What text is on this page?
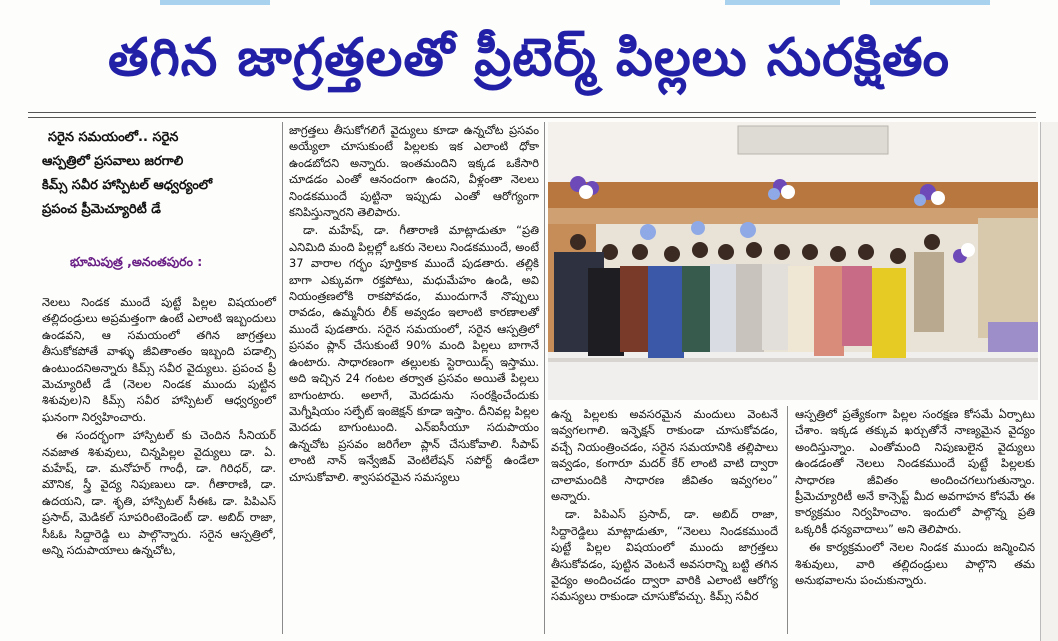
తగిన జాగ్రత్తలతో ప్రీటెర్మ్ పిల్లలు సురక్షితం
సరైన సమయంలో.. సరైన
ఆస్పత్రిలో ప్రసవాలు జరగాలి
కిమ్స్ సవీర హాస్పిటల్ ఆధ్వర్యంలో
ప్రపంచ ప్రీమెచ్యూరిటీ డే
భూమిపుత్ర ,అనంతపురం :

నెలలు నిండక ముందే పుట్టే పిల్లల విషయంలో తల్లిదండ్రులు అప్రమత్తంగా ఉంటే ఎలాంటి ఇబ్బందులు ఉండవని, ఆ సమయంలో తగిన జాగ్రత్తలు తీసుకోకపోతే వాళ్ళు జీవితాంతం ఇబ్బంది పడాల్సి ఉంటుందనిఅన్నారు కిమ్స్ సవీర వైద్యులు. ప్రపంచ ప్రీ మెచ్యూరిటీ డే (నెలల నిండక ముందు పుట్టిన శిశువుల)ని కిమ్స్ సవీర హాస్పిటల్ ఆధ్వర్యంలో ఘనంగా నిర్వహించారు.

ఈ సందర్భంగా హాస్పిటల్ కు చెందిన సీనియర్ నవజాత శిశువులు, చిన్నపిల్లల వైద్యులు డా. ఏ. మహేష్, డా. మనోహర్ గాంధీ, డా. గిరిధర్, డా. మౌనిక, స్త్రీ వైద్య నిపుణులు డా. గీతారాణి, డా. ఉదయని, డా. శృతి, హాస్పిటల్ సీఈఓ డా. పిపిఎస్ ప్రసాద్, మెడికల్ సూపరింటెండెంట్ డా. అబిద్ రాజా, సీఓఓ సిద్దారెడ్డి లు పాల్గొన్నారు. సరైన ఆస్పత్రిలో, అన్ని సదుపాయాలు ఉన్నచోట,

జాగ్రత్తలు తీసుకోగలిగే వైద్యులు కూడా ఉన్నచోట ప్రసవం అయ్యేలా చూసుకుంటే పిల్లలకు ఇక ఎలాంటి ధోకా ఉండబోదని అన్నారు. ఇంతమందిని ఇక్కడ ఒకేసారి చూడడం ఎంతో ఆనందంగా ఉందని, వీళ్లంతా నెలలు నిండకముందే పుట్టినా ఇప్పుడు ఎంతో ఆరోగ్యంగా కనిపిస్తున్నారని తెలిపారు.

డా. మహేష్, డా. గీతారాణి మాట్లాడుతూ “ప్రతి ఎనిమిది మంది పిల్లల్లో ఒకరు నెలలు నిండకముందే, అంటే 37 వారాల గర్భం పూర్తికాక ముందే పుడతారు. తల్లికి బాగా ఎక్కువగా రక్తపోటు, మధుమేహం ఉండి, అవి నియంత్రణలోకి రాకపోవడం, ముందుగానే నొప్పులు రావడం, ఉమ్మనీరు లీక్ అవ్వడం ఇలాంటి కారణాలతో ముందే పుడతారు. సరైన సమయంలో, సరైన ఆస్పత్రిలో ప్రసవం ప్లాన్ చేసుకుంటే 90% మంది పిల్లలు బాగానే ఉంటారు. సాధారణంగా తల్లులకు స్టెరాయిడ్స్ ఇస్తాము. అది ఇచ్చిన 24 గంటల తర్వాత ప్రసవం అయితే పిల్లలు బాగుంటారు. అలాగే, మెదడును సంరక్షించేందుకు మెగ్నీషియం సల్ఫేట్ ఇంజెక్షన్ కూడా ఇస్తాం. దీనివల్ల పిల్లల మెదడు బాగుంటుంది. ఎన్ఐసీయూ సదుపాయం ఉన్నచోట ప్రసవం జరిగేలా ప్లాన్ చేసుకోవాలి. సీపాప్ లాంటి నాన్ ఇన్వేజివ్ వెంటిలేషన్ సపోర్ట్ ఉండేలా చూసుకోవాలి. శ్వాసపరమైన సమస్యలు

ఉన్న పిల్లలకు అవసరమైన మందులు వెంటనే ఇవ్వగలగాలి. ఇన్ఫెక్షన్ రాకుండా చూసుకోవడం, వచ్చే నియంత్రించడం, సరైన సమయానికి తల్లిపాలు ఇవ్వడం, కంగారూ మదర్ కేర్ లాంటి వాటి ద్వారా చాలామందికి సాధారణ జీవితం ఇవ్వగలం” అన్నారు.

డా. పిపిఎస్ ప్రసాద్, డా. అబిద్ రాజా, సిద్దారెడ్డిలు మాట్లాడుతూ, “నెలలు నిండకముందే పుట్టే పిల్లల విషయంలో ముందు జాగ్రత్తలు తీసుకోవడం, పుట్టిన వెంటనే అవసరాన్ని బట్టి తగిన వైద్యం అందించడం ద్వారా వారికి ఎలాంటి ఆరోగ్య సమస్యలు రాకుండా చూసుకోవచ్చు. కిమ్స్ సవీర

ఆస్పత్రిలో ప్రత్యేకంగా పిల్లల సంరక్షణ కోసమే ఏర్పాటు చేశాం. ఇక్కడ తక్కువ ఖర్చుతోనే నాణ్యమైన వైద్యం అందిస్తున్నాం. ఎంతోమంది నిపుణులైన వైద్యులు ఉండడంతో నెలలు నిండకముందే పుట్టే పిల్లలకు సాధారణ జీవితం అందించగలుగుతున్నాం. ప్రీమెచ్యూరిటీ అనే కాన్సెప్ట్ మీద అవగాహన కోసమే ఈ కార్యక్రమం నిర్వహించాం. ఇందులో పాల్గొన్న ప్రతి ఒక్కరికీ ధన్యవాదాలు” అని తెలిపారు.

ఈ కార్యక్రమంలో నెలల నిండక ముందు జన్మించిన శిశువులు, వారి తల్లిదండ్రులు పాల్గొని తమ అనుభవాలను పంచుకున్నారు.
